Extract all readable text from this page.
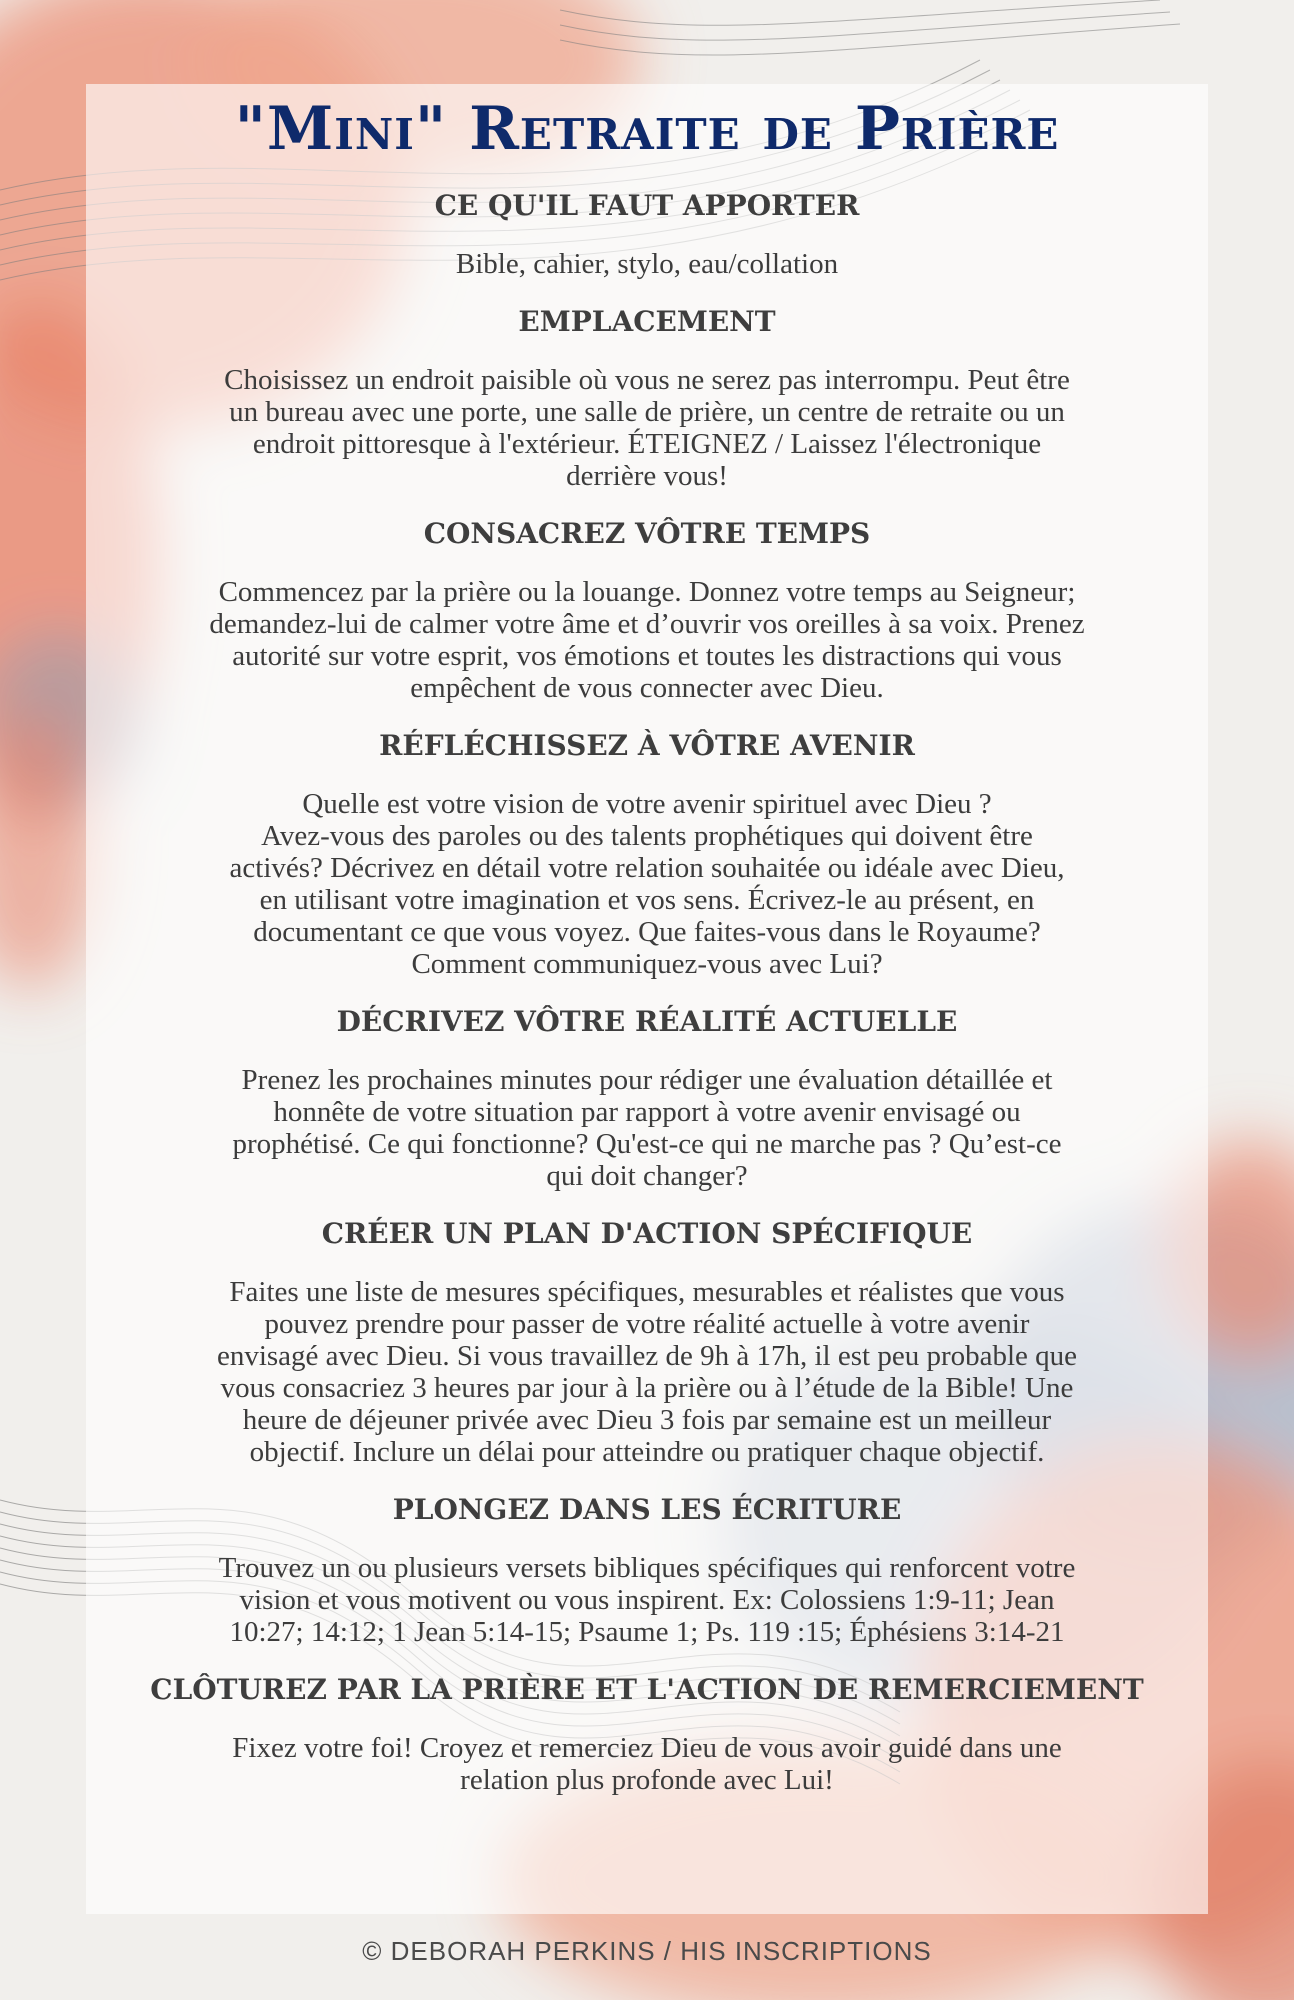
"Mini" Retraite de Prière
CE QU'IL FAUT APPORTER

Bible, cahier, stylo, eau/collation

EMPLACEMENT

Choisissez un endroit paisible où vous ne serez pas interrompu. Peut être
un bureau avec une porte, une salle de prière, un centre de retraite ou un
endroit pittoresque à l'extérieur. ÉTEIGNEZ / Laissez l'électronique
derrière vous!

CONSACREZ VÔTRE TEMPS

Commencez par la prière ou la louange. Donnez votre temps au Seigneur;
demandez-lui de calmer votre âme et d’ouvrir vos oreilles à sa voix. Prenez
autorité sur votre esprit, vos émotions et toutes les distractions qui vous
empêchent de vous connecter avec Dieu.

RÉFLÉCHISSEZ À VÔTRE AVENIR

Quelle est votre vision de votre avenir spirituel avec Dieu ?
Avez-vous des paroles ou des talents prophétiques qui doivent être
activés? Décrivez en détail votre relation souhaitée ou idéale avec Dieu,
en utilisant votre imagination et vos sens. Écrivez-le au présent, en
documentant ce que vous voyez. Que faites-vous dans le Royaume?
Comment communiquez-vous avec Lui?

DÉCRIVEZ VÔTRE RÉALITÉ ACTUELLE

Prenez les prochaines minutes pour rédiger une évaluation détaillée et
honnête de votre situation par rapport à votre avenir envisagé ou
prophétisé. Ce qui fonctionne? Qu'est-ce qui ne marche pas ? Qu’est-ce
qui doit changer?

CRÉER UN PLAN D'ACTION SPÉCIFIQUE

Faites une liste de mesures spécifiques, mesurables et réalistes que vous
pouvez prendre pour passer de votre réalité actuelle à votre avenir
envisagé avec Dieu. Si vous travaillez de 9h à 17h, il est peu probable que
vous consacriez 3 heures par jour à la prière ou à l’étude de la Bible! Une
heure de déjeuner privée avec Dieu 3 fois par semaine est un meilleur
objectif. Inclure un délai pour atteindre ou pratiquer chaque objectif.

PLONGEZ DANS LES ÉCRITURE

Trouvez un ou plusieurs versets bibliques spécifiques qui renforcent votre
vision et vous motivent ou vous inspirent. Ex: Colossiens 1:9-11; Jean
10:27; 14:12; 1 Jean 5:14-15; Psaume 1; Ps. 119 :15; Éphésiens 3:14-21

CLÔTUREZ PAR LA PRIÈRE ET L'ACTION DE REMERCIEMENT

Fixez votre foi! Croyez et remerciez Dieu de vous avoir guidé dans une
relation plus profonde avec Lui!

© DEBORAH PERKINS / HIS INSCRIPTIONS
